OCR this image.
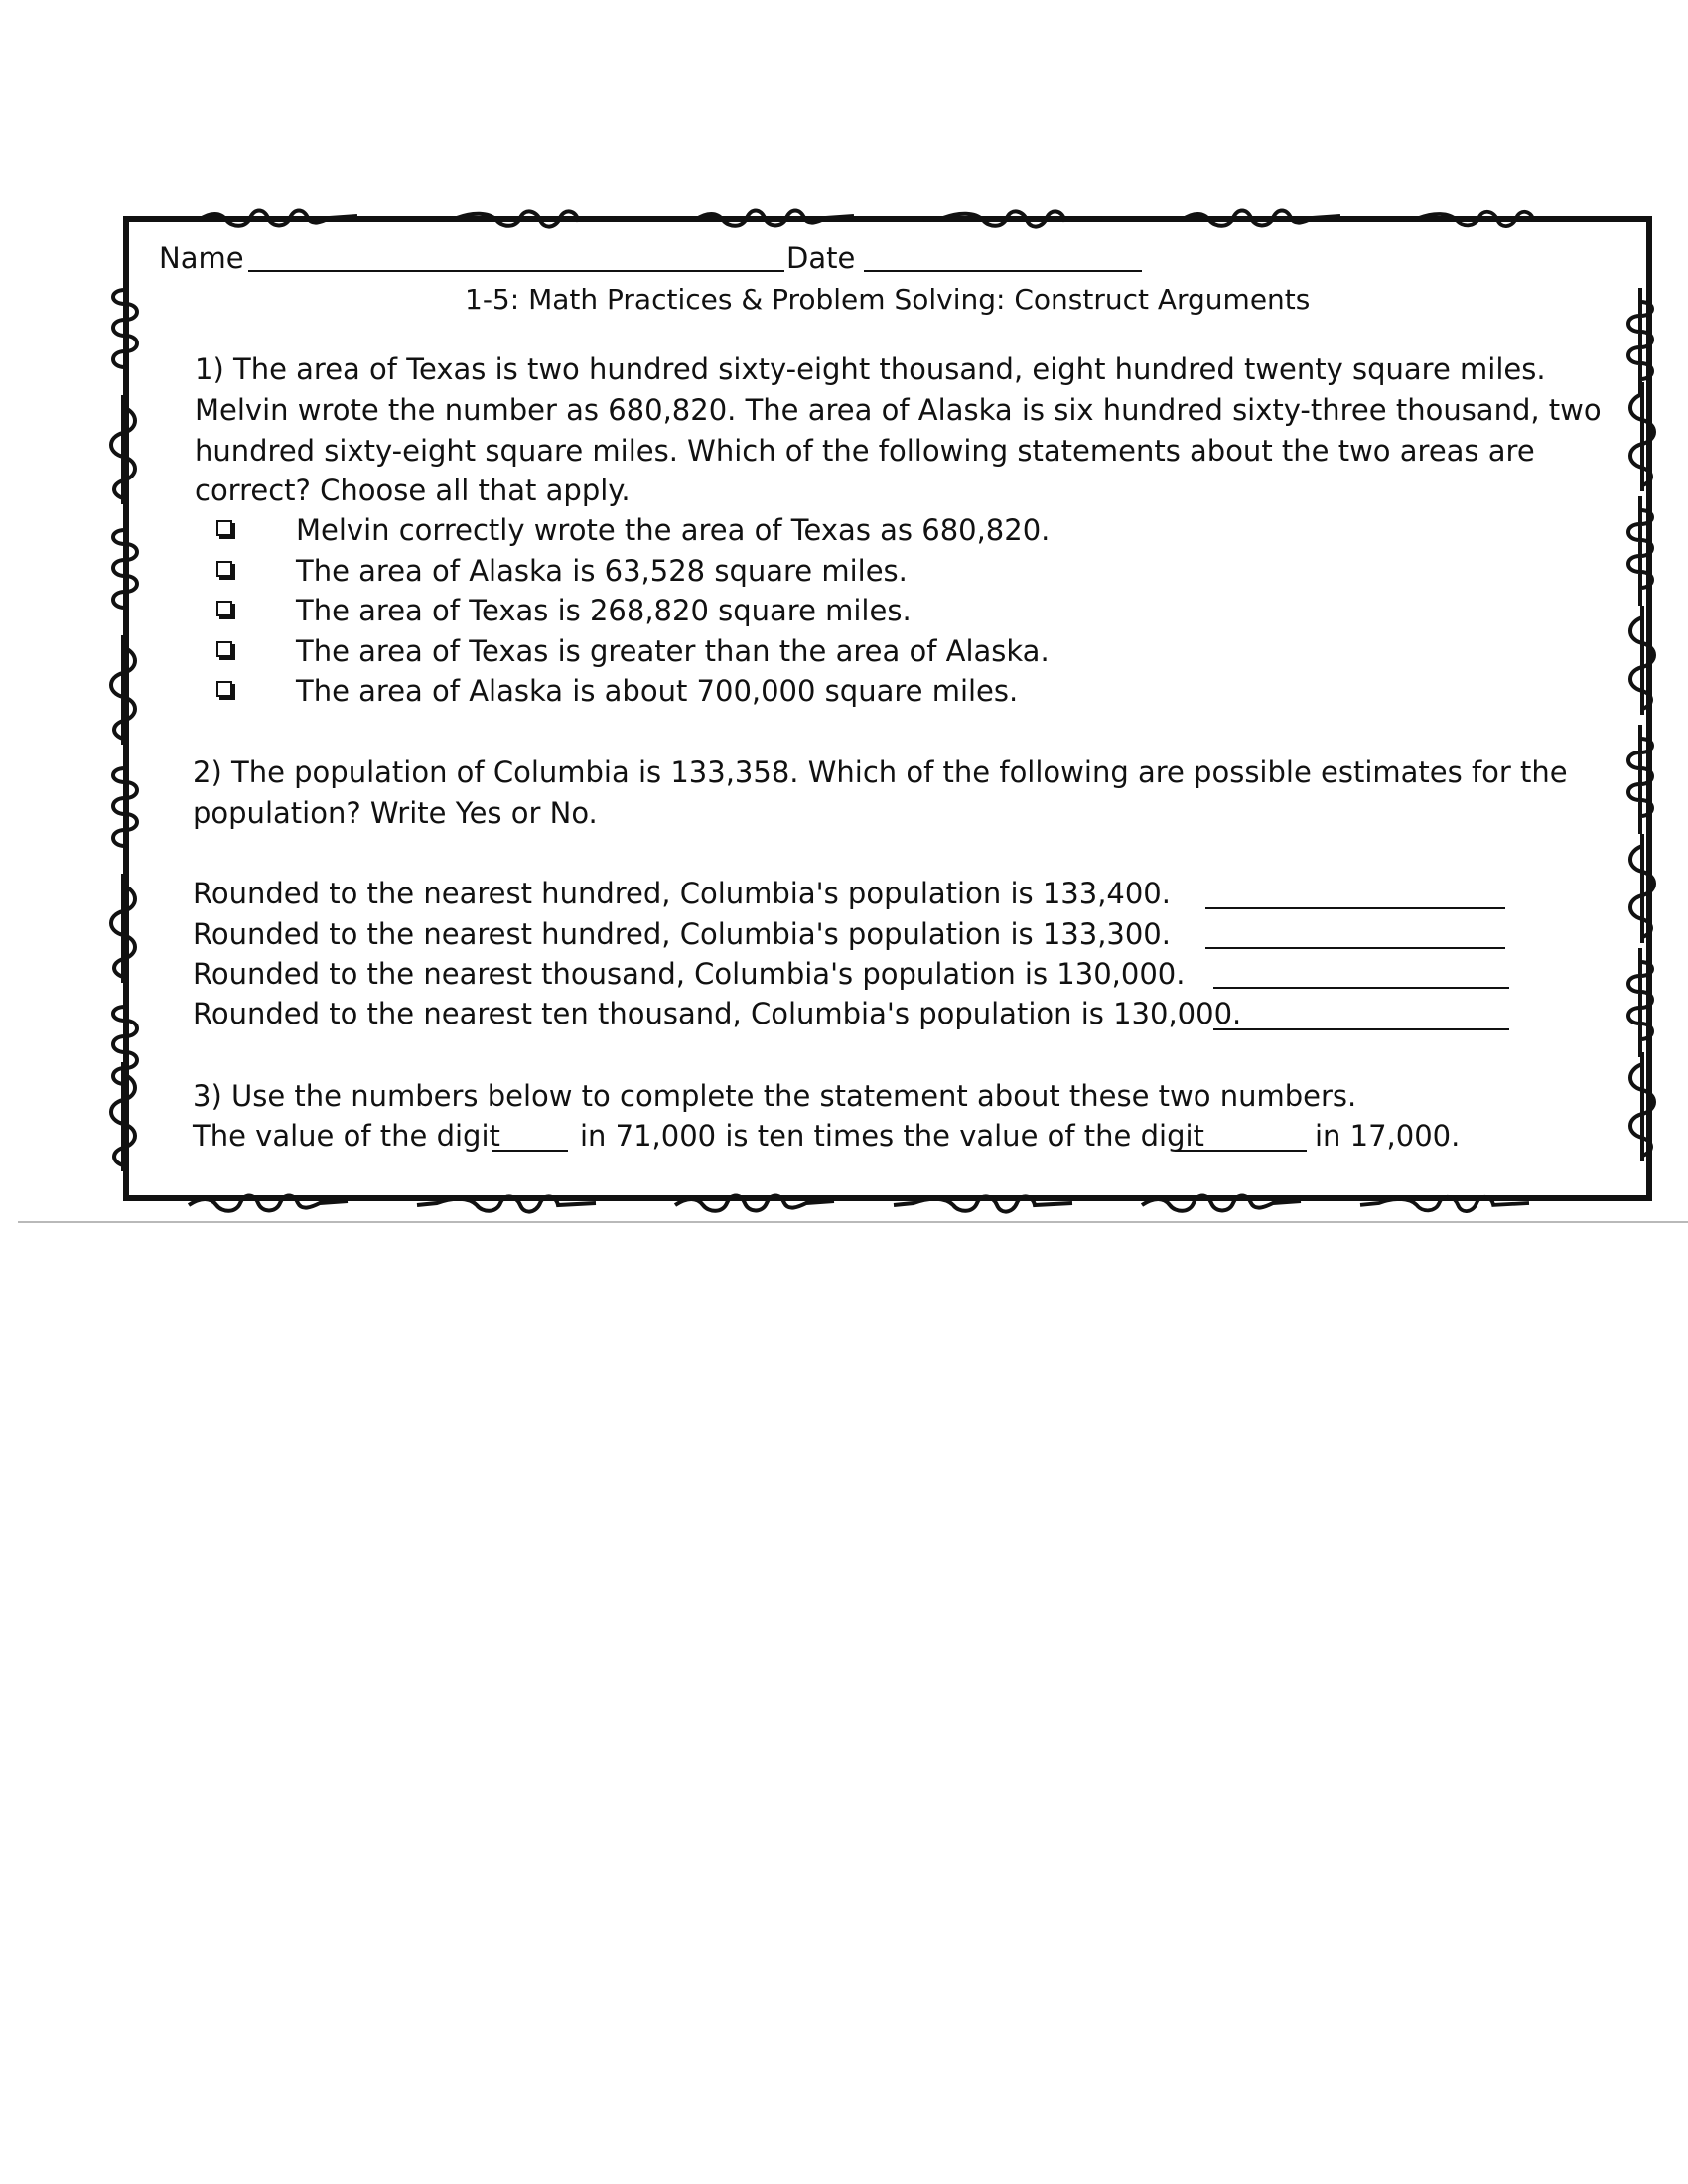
Name	Date
1-5: Math Practices & Problem Solving: Construct Arguments
1) The area of Texas is two hundred sixty-eight thousand, eight hundred twenty square miles.
Melvin wrote the number as 680,820. The area of Alaska is six hundred sixty-three thousand, two
hundred sixty-eight square miles. Which of the following statements about the two areas are
correct? Choose all that apply.
Melvin correctly wrote the area of Texas as 680,820.
The area of Alaska is 63,528 square miles.
The area of Texas is 268,820 square miles.
The area of Texas is greater than the area of Alaska.
The area of Alaska is about 700,000 square miles.
2) The population of Columbia is 133,358. Which of the following are possible estimates for the
population? Write Yes or No.
Rounded to the nearest hundred, Columbia's population is 133,400.
Rounded to the nearest hundred, Columbia's population is 133,300.
Rounded to the nearest thousand, Columbia's population is 130,000.
Rounded to the nearest ten thousand, Columbia's population is 130,000.
3) Use the numbers below to complete the statement about these two numbers.
The value of the digit	in 71,000 is ten times the value of the digit	in 17,000.
